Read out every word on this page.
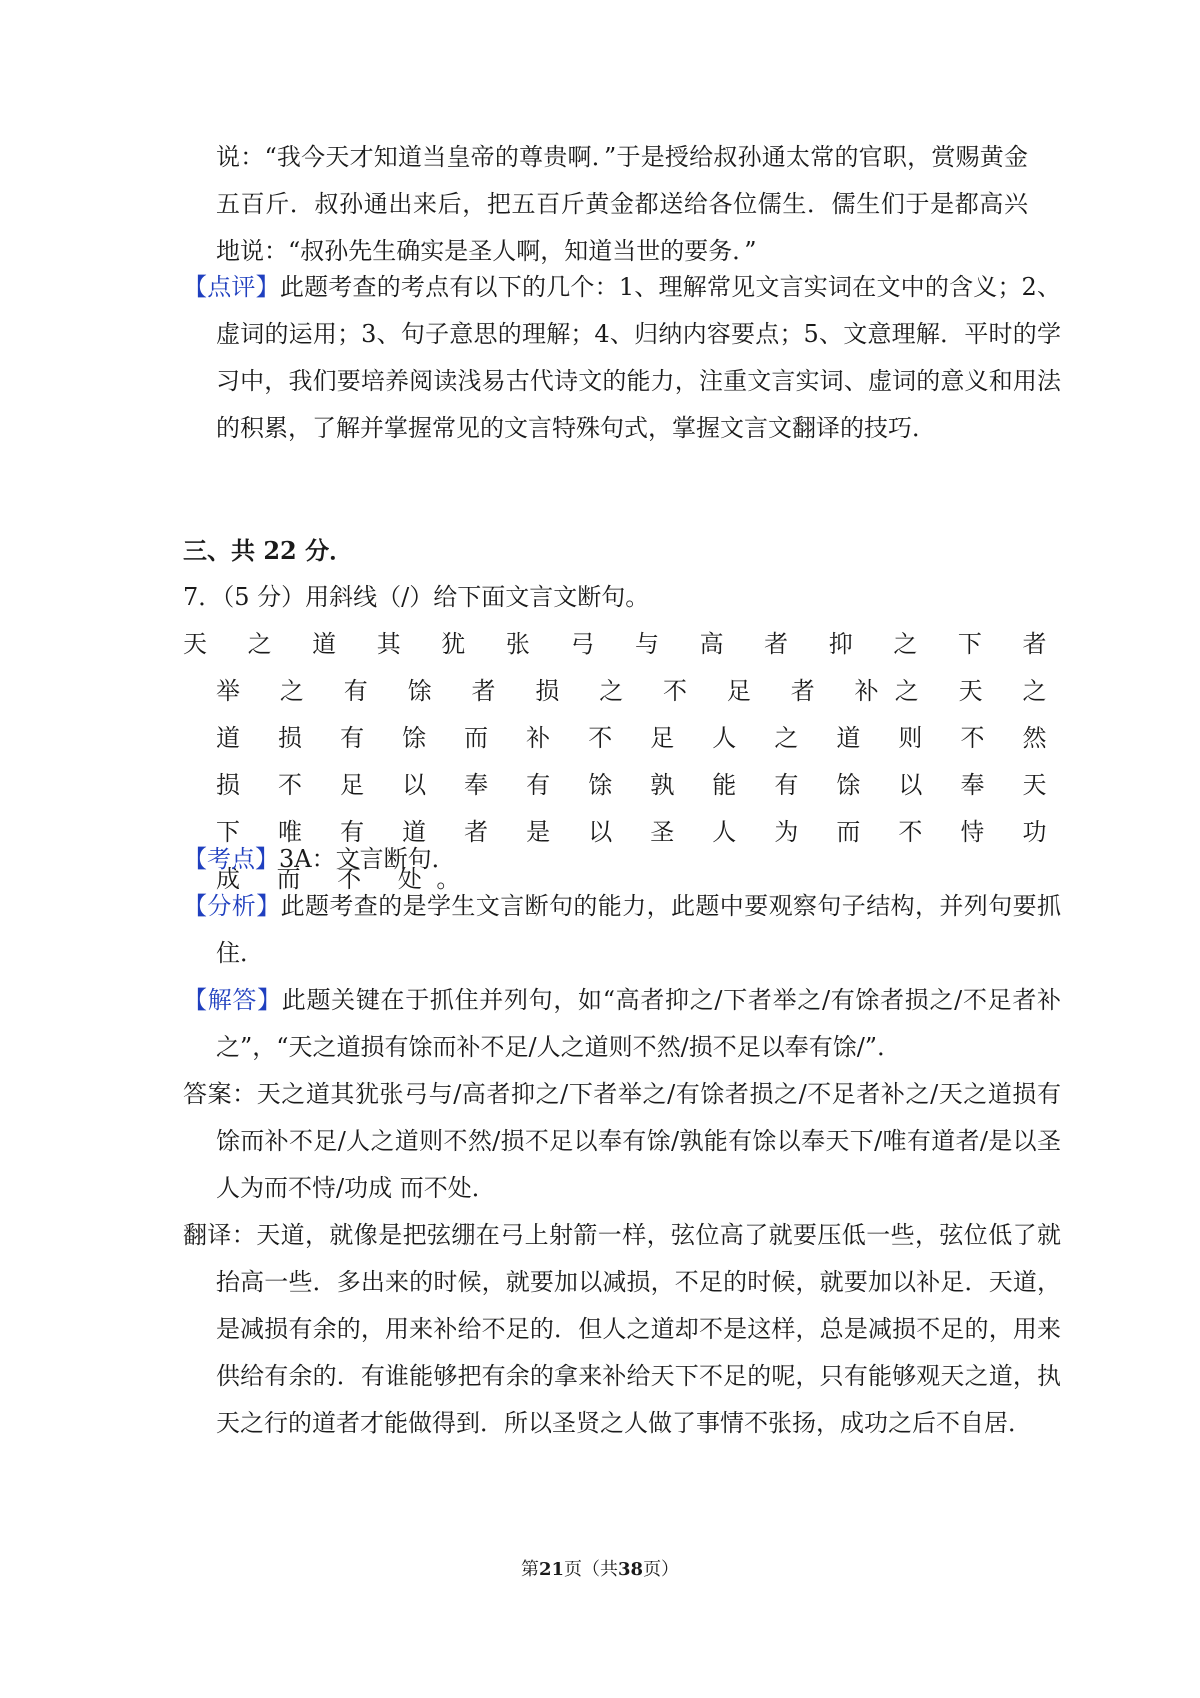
说：“我今天才知道当皇帝的尊贵啊．”于是授给叔孙通太常的官职，赏赐黄金五百斤．叔孙通出来后，把五百斤黄金都送给各位儒生．儒生们于是都高兴地说：“叔孙先生确实是圣人啊，知道当世的要务．”
【点评】此题考查的考点有以下的几个：1、理解常见文言实词在文中的含义；2、虚词的运用；3、句子意思的理解；4、归纳内容要点；5、文意理解．平时的学习中，我们要培养阅读浅易古代诗文的能力，注重文言实词、虚词的意义和用法的积累，了解并掌握常见的文言特殊句式，掌握文言文翻译的技巧．
三、共 22 分．
7．（5 分）用斜线（/）给下面文言文断句。
天 之 道 其 犹 张 弓 与 高 者 抑 之 下 者 举 之 有 馀 者 损 之 不 足 者 补之 天 之 道 损 有 馀 而 补 不 足 人 之 道 则 不 然 损 不 足 以 奉 有 馀 孰 能 有 馀 以 奉 天 下 唯 有 道 者 是 以 圣 人 为 而 不 恃 功 成 而 不 处。
【考点】3A：文言断句．
【分析】此题考查的是学生文言断句的能力，此题中要观察句子结构，并列句要抓住．
【解答】此题关键在于抓住并列句，如“高者抑之/下者举之/有馀者损之/不足者补之”，“天之道损有馀而补不足/人之道则不然/损不足以奉有馀/”．
答案：天之道其犹张弓与/高者抑之/下者举之/有馀者损之/不足者补之/天之道损有馀而补不足/人之道则不然/损不足以奉有馀/孰能有馀以奉天下/唯有道者/是以圣人为而不恃/功成 而不处．
翻译：天道，就像是把弦绷在弓上射箭一样，弦位高了就要压低一些，弦位低了就抬高一些．多出来的时候，就要加以减损，不足的时候，就要加以补足．天道，是减损有余的，用来补给不足的．但人之道却不是这样，总是减损不足的，用来供给有余的．有谁能够把有余的拿来补给天下不足的呢，只有能够观天之道，执天之行的道者才能做得到．所以圣贤之人做了事情不张扬，成功之后不自居．
第21页（共38页）
